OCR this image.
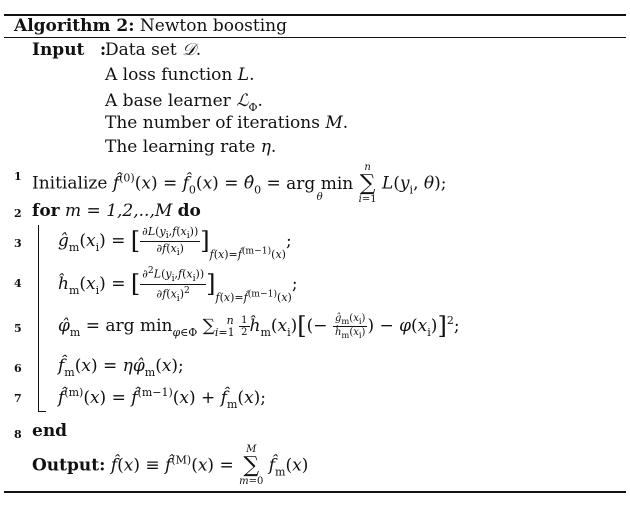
Algorithm 2: Newton boosting
Input :
Data set 𝒟.
A loss function L.
A base learner ℒ$_\Phi$.
The number of iterations M.
The learning rate η.
1 Initialize f̂$^{(0)}$(x) = $f̂_0(x)$ = $\thetâ_0$ =
arg min
θ

n
∑
i=1
$L(y_i$, θ);
2 for m = 1,2,..,M do
3 $ĝ_m(x_i)$ = [ $\frac{\partial L(y_i,f(x_i))}{\partial f(x_i)} ]_{f(x)=f̂^{(m-1)}(x)}$;
4 $ĥ_m(x_i)$ = [ $\frac{\partial^2L(y_i,f(x_i))}{\partial f(x_i)^2} ]_{f(x)=f̂^{(m-1)}(x)}$;
5 $\varphî_m$ = arg $\min_{\varphi\in\Phi} \sum_{i=1}^n \frac{1}{2}$ $ĥ_m(x_i)[(- \frac{ĝ_m(x_i)}{ĥ_m(x_i)}$ ) − $\varphi(x_i)]^2$;
6 $f̂_m(x)$ = $\eta\varphî_m(x)$;
7 f̂$^{(m)}$(x) = f̂$^{(m-1)}$(x) + $f̂_m(x)$;
8 end
Output: f̂(x) ≡ f̂$^{(M)}$(x) =
M
∑
m=0
$f̂_m(x)$
